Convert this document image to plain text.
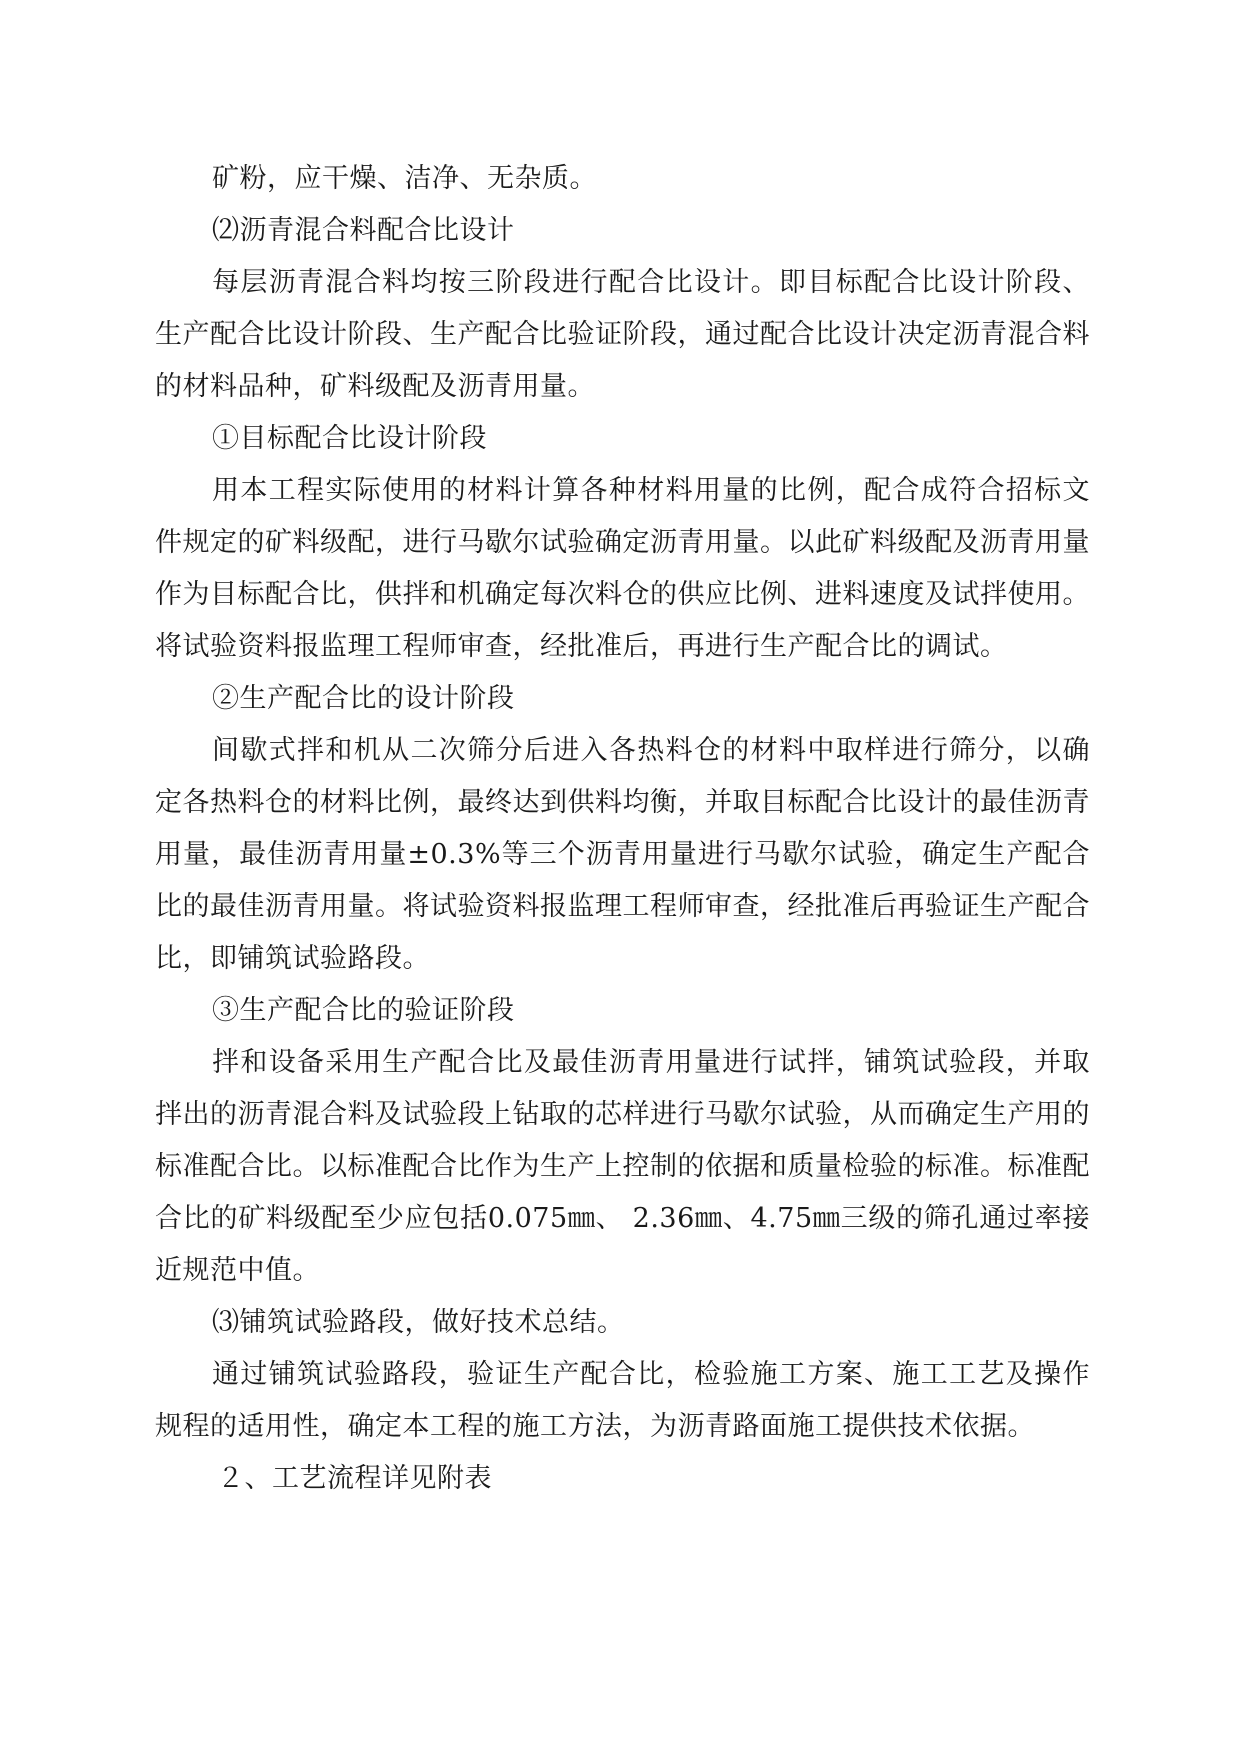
矿粉，应干燥、洁净、无杂质。

⑵沥青混合料配合比设计

每层沥青混合料均按三阶段进行配合比设计。即目标配合比设计阶段、生产配合比设计阶段、生产配合比验证阶段，通过配合比设计决定沥青混合料的材料品种，矿料级配及沥青用量。

①目标配合比设计阶段

用本工程实际使用的材料计算各种材料用量的比例，配合成符合招标文件规定的矿料级配，进行马歇尔试验确定沥青用量。以此矿料级配及沥青用量作为目标配合比，供拌和机确定每次料仓的供应比例、进料速度及试拌使用。将试验资料报监理工程师审查，经批准后，再进行生产配合比的调试。

②生产配合比的设计阶段

间歇式拌和机从二次筛分后进入各热料仓的材料中取样进行筛分，以确定各热料仓的材料比例，最终达到供料均衡，并取目标配合比设计的最佳沥青用量，最佳沥青用量±0.3%等三个沥青用量进行马歇尔试验，确定生产配合比的最佳沥青用量。将试验资料报监理工程师审查，经批准后再验证生产配合比，即铺筑试验路段。

③生产配合比的验证阶段

拌和设备采用生产配合比及最佳沥青用量进行试拌，铺筑试验段，并取拌出的沥青混合料及试验段上钻取的芯样进行马歇尔试验，从而确定生产用的标准配合比。以标准配合比作为生产上控制的依据和质量检验的标准。标准配合比的矿料级配至少应包括0.075㎜、 2.36㎜、4.75㎜三级的筛孔通过率接近规范中值。

⑶铺筑试验路段，做好技术总结。

通过铺筑试验路段，验证生产配合比，检验施工方案、施工工艺及操作规程的适用性，确定本工程的施工方法，为沥青路面施工提供技术依据。

２、工艺流程详见附表
